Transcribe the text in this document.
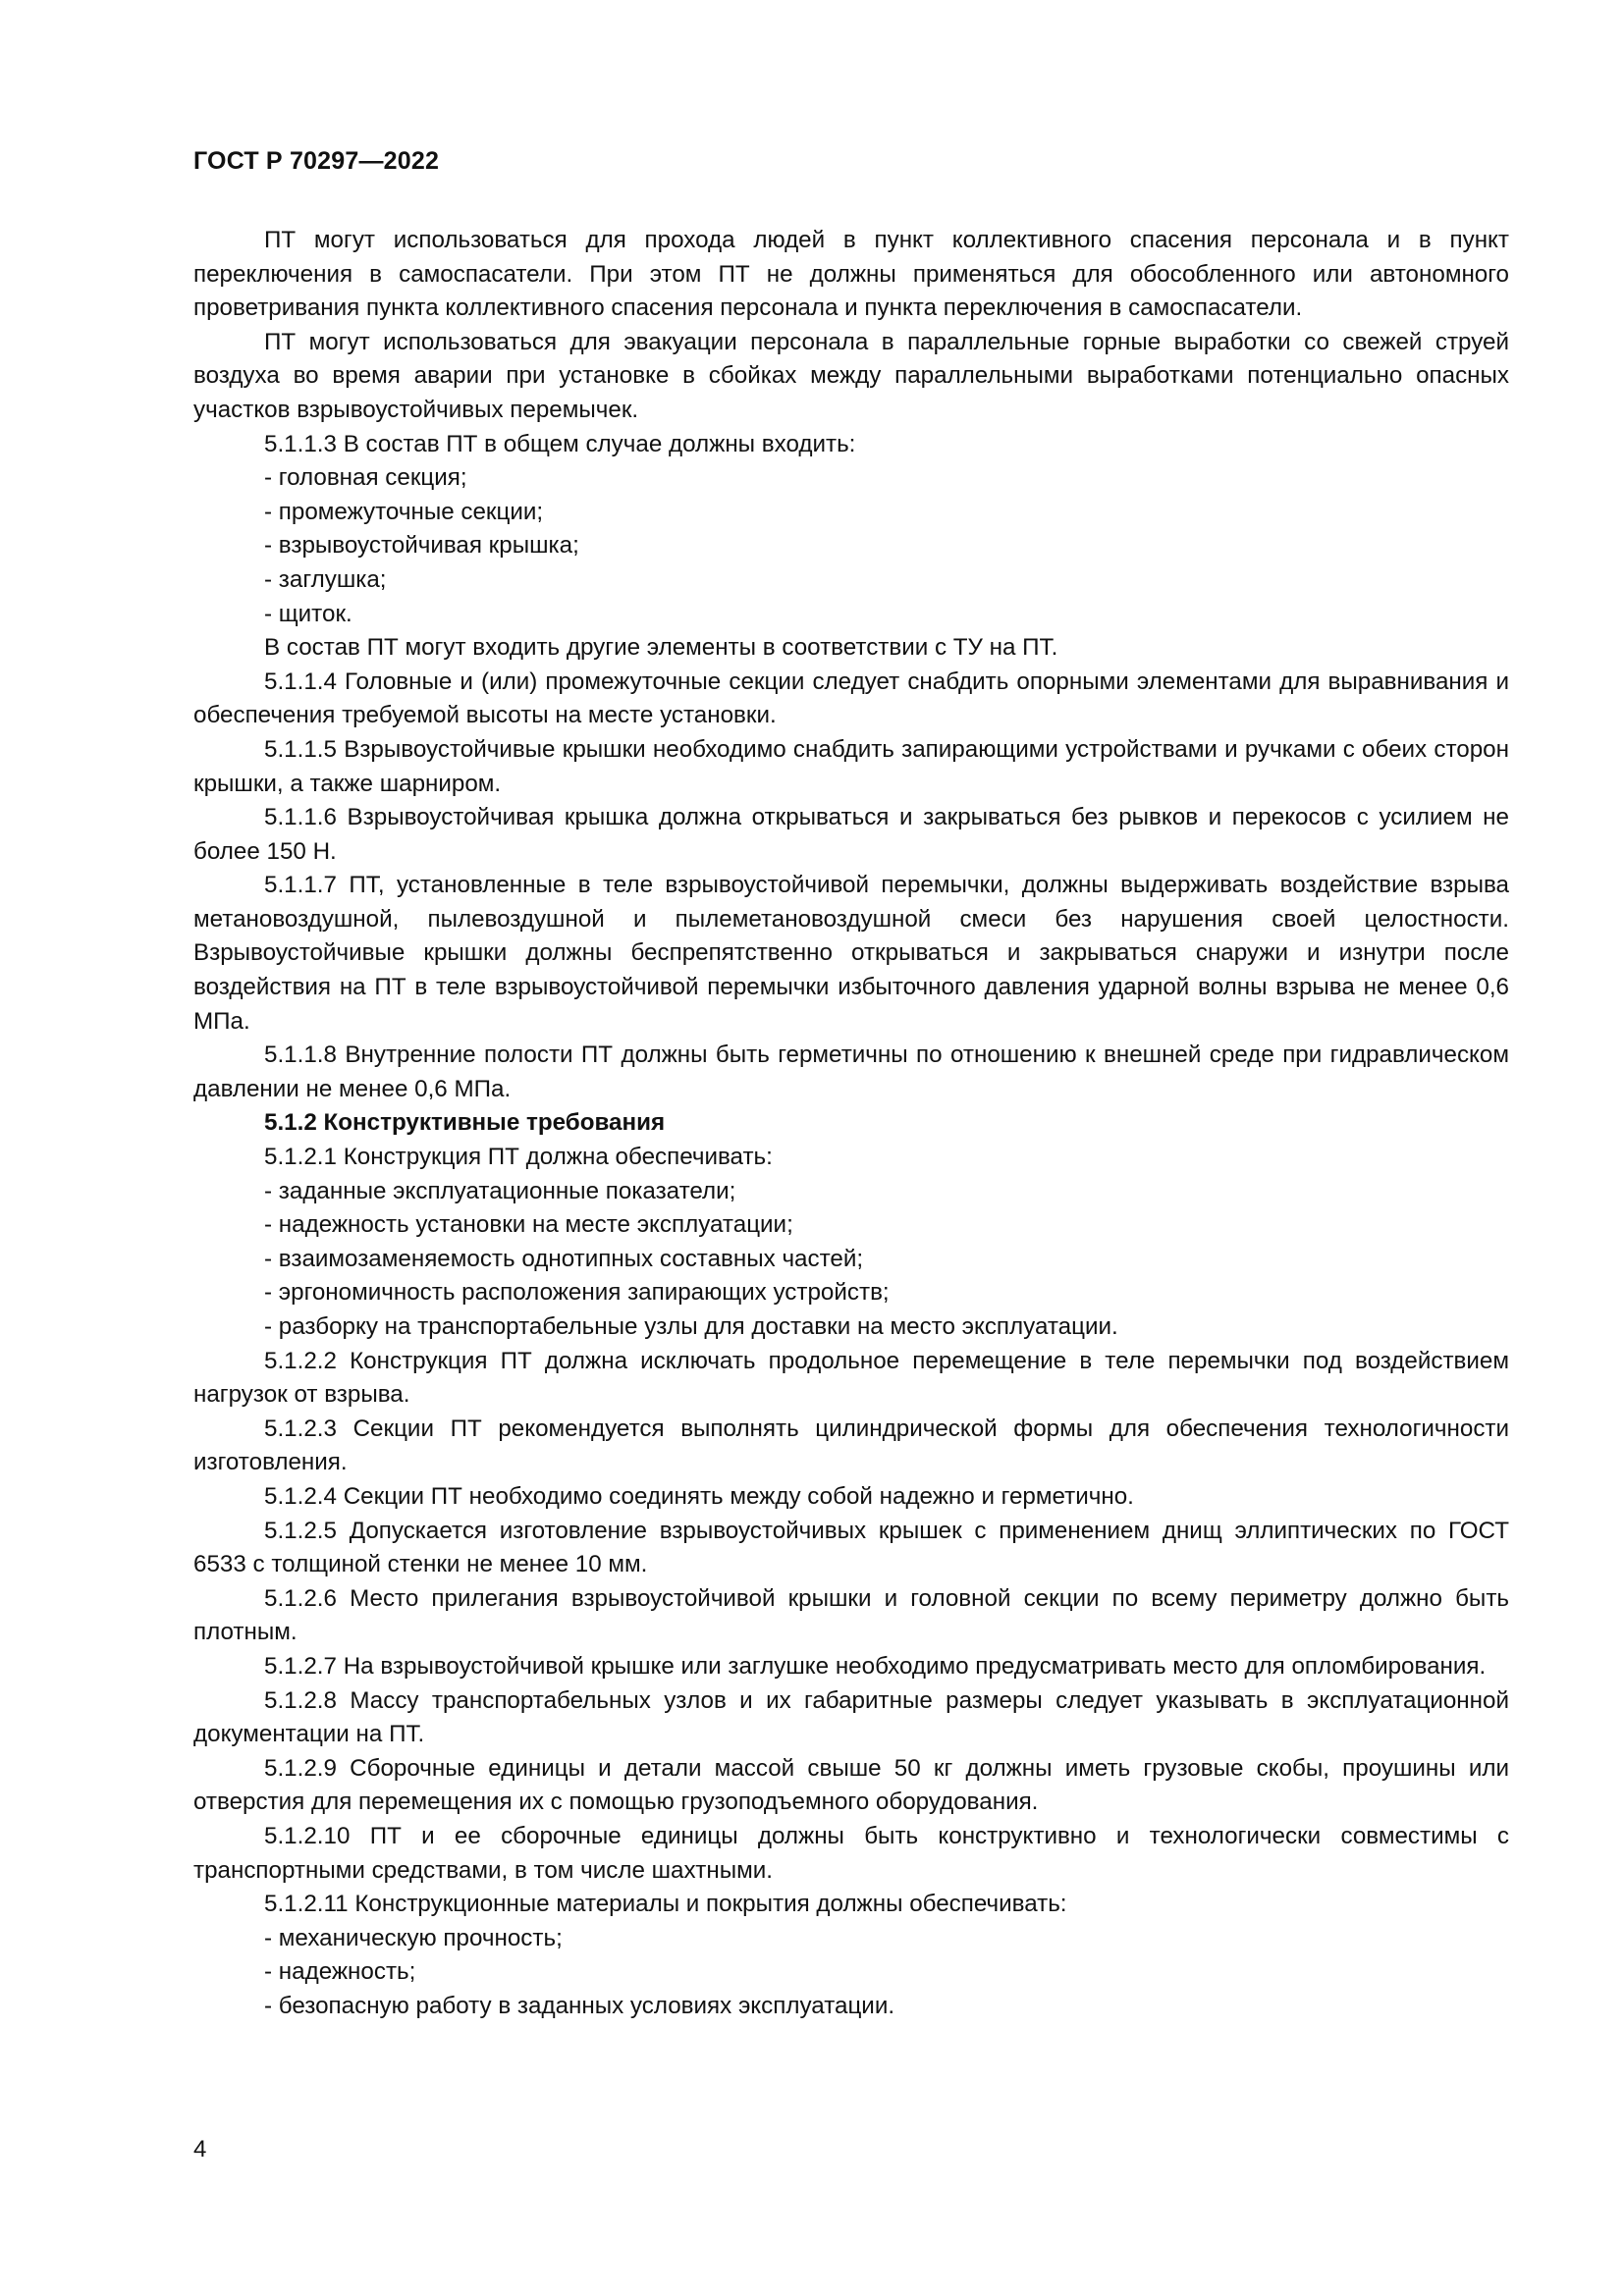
ГОСТ Р 70297—2022

ПТ могут использоваться для прохода людей в пункт коллективного спасения персонала и в пункт переключения в самоспасатели. При этом ПТ не должны применяться для обособленного или автономного проветривания пункта коллективного спасения персонала и пункта переключения в самоспасатели.

ПТ могут использоваться для эвакуации персонала в параллельные горные выработки со свежей струей воздуха во время аварии при установке в сбойках между параллельными выработками потенциально опасных участков взрывоустойчивых перемычек.

5.1.1.3 В состав ПТ в общем случае должны входить:

- головная секция;

- промежуточные секции;

- взрывоустойчивая крышка;

- заглушка;

- щиток.

В состав ПТ могут входить другие элементы в соответствии с ТУ на ПТ.

5.1.1.4 Головные и (или) промежуточные секции следует снабдить опорными элементами для выравнивания и обеспечения требуемой высоты на месте установки.

5.1.1.5 Взрывоустойчивые крышки необходимо снабдить запирающими устройствами и ручками с обеих сторон крышки, а также шарниром.

5.1.1.6 Взрывоустойчивая крышка должна открываться и закрываться без рывков и перекосов с усилием не более 150 Н.

5.1.1.7 ПТ, установленные в теле взрывоустойчивой перемычки, должны выдерживать воздействие взрыва метановоздушной, пылевоздушной и пылеметановоздушной смеси без нарушения своей целостности. Взрывоустойчивые крышки должны беспрепятственно открываться и закрываться снаружи и изнутри после воздействия на ПТ в теле взрывоустойчивой перемычки избыточного давления ударной волны взрыва не менее 0,6 МПа.

5.1.1.8 Внутренние полости ПТ должны быть герметичны по отношению к внешней среде при гидравлическом давлении не менее 0,6 МПа.

5.1.2 Конструктивные требования

5.1.2.1 Конструкция ПТ должна обеспечивать:

- заданные эксплуатационные показатели;

- надежность установки на месте эксплуатации;

- взаимозаменяемость однотипных составных частей;

- эргономичность расположения запирающих устройств;

- разборку на транспортабельные узлы для доставки на место эксплуатации.

5.1.2.2 Конструкция ПТ должна исключать продольное перемещение в теле перемычки под воздействием нагрузок от взрыва.

5.1.2.3 Секции ПТ рекомендуется выполнять цилиндрической формы для обеспечения технологичности изготовления.

5.1.2.4 Секции ПТ необходимо соединять между собой надежно и герметично.

5.1.2.5 Допускается изготовление взрывоустойчивых крышек с применением днищ эллиптических по ГОСТ 6533 с толщиной стенки не менее 10 мм.

5.1.2.6 Место прилегания взрывоустойчивой крышки и головной секции по всему периметру должно быть плотным.

5.1.2.7 На взрывоустойчивой крышке или заглушке необходимо предусматривать место для опломбирования.

5.1.2.8 Массу транспортабельных узлов и их габаритные размеры следует указывать в эксплуатационной документации на ПТ.

5.1.2.9 Сборочные единицы и детали массой свыше 50 кг должны иметь грузовые скобы, проушины или отверстия для перемещения их с помощью грузоподъемного оборудования.

5.1.2.10 ПТ и ее сборочные единицы должны быть конструктивно и технологически совместимы с транспортными средствами, в том числе шахтными.

5.1.2.11 Конструкционные материалы и покрытия должны обеспечивать:

- механическую прочность;

- надежность;

- безопасную работу в заданных условиях эксплуатации.

4
